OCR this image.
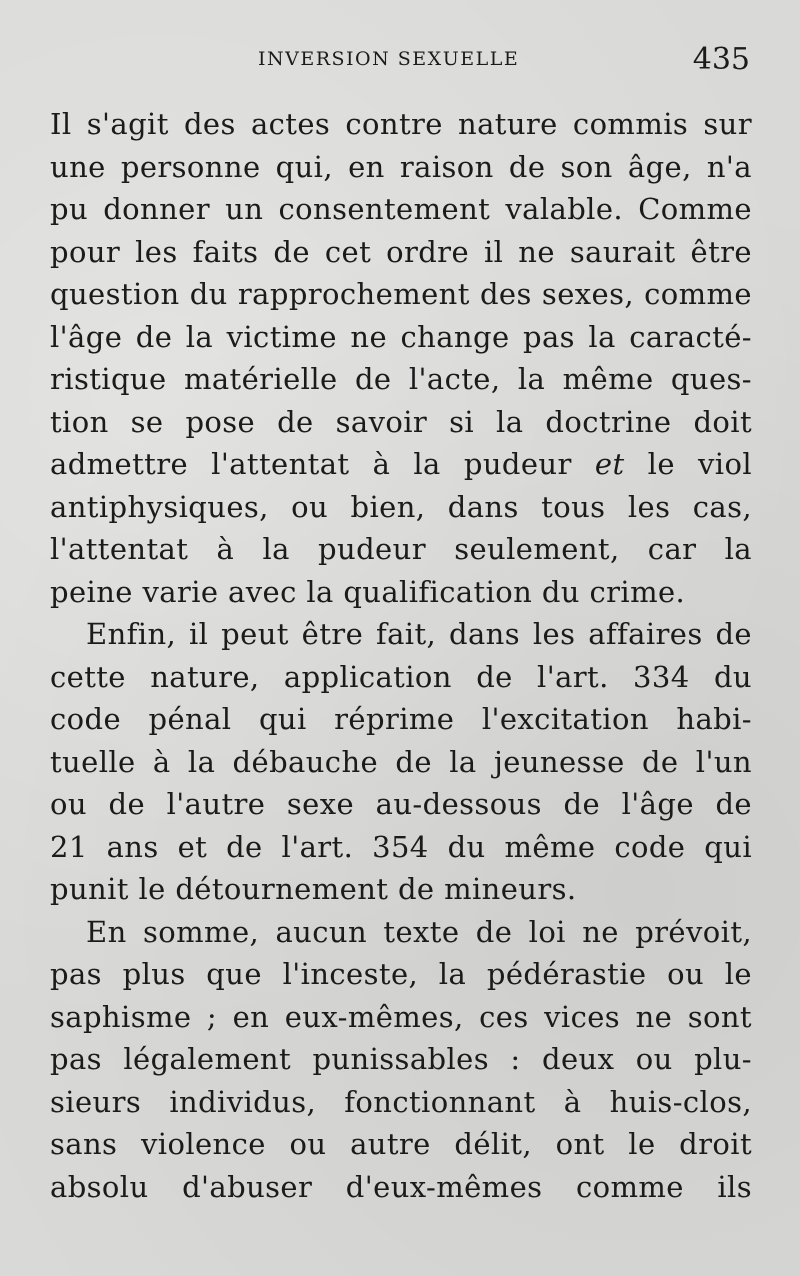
INVERSION SEXUELLE	435
Il s'agit des actes contre nature commis sur
une personne qui, en raison de son âge, n'a
pu donner un consentement valable. Comme
pour les faits de cet ordre il ne saurait être
question du rapprochement des sexes, comme
l'âge de la victime ne change pas la caracté-
ristique matérielle de l'acte, la même ques-
tion se pose de savoir si la doctrine doit
admettre l'attentat à la pudeur et le viol
antiphysiques, ou bien, dans tous les cas,
l'attentat à la pudeur seulement, car la
peine varie avec la qualification du crime.
Enfin, il peut être fait, dans les affaires de
cette nature, application de l'art. 334 du
code pénal qui réprime l'excitation habi-
tuelle à la débauche de la jeunesse de l'un
ou de l'autre sexe au-dessous de l'âge de
21 ans et de l'art. 354 du même code qui
punit le détournement de mineurs.
En somme, aucun texte de loi ne prévoit,
pas plus que l'inceste, la pédérastie ou le
saphisme ; en eux-mêmes, ces vices ne sont
pas légalement punissables : deux ou plu-
sieurs individus, fonctionnant à huis-clos,
sans violence ou autre délit, ont le droit
absolu d'abuser d'eux-mêmes comme ils
